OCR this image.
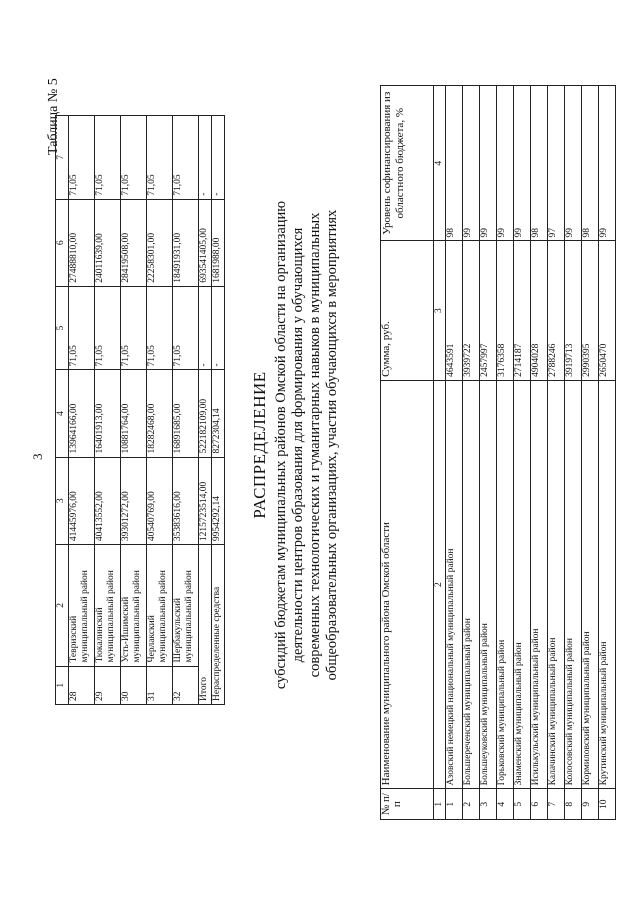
3
Таблица № 5
1	2	3	4	5	6	7
28	Тевризский муниципальный район	41445976,00	13964166,00	71,05	27488810,00	71,05
29	Тюкалинский муниципальный район	40413552,00	16401913,00	71,05	24011639,00	71,05
30	Усть-Ишимский муниципальный район	39301272,00	10881764,00	71,05	28419508,00	71,05
31	Черлакский муниципальный район	40540769,00	18282468,00	71,05	22258301,00	71,05
32	Шербакульский муниципальный район	35383616,00	16891685,00	71,05	18491931,00	71,05
Итого		1215723514,00	522182109,00	-	693541405,00	-
Нераспределенные средства		9954292,14	8272304,14	-	1681988,00	-
РАСПРЕДЕЛЕНИЕ субсидий бюджетам муниципальных районов Омской области на организацию деятельности центров образования для формирования у обучающихся современных технологических и гуманитарных навыков в муниципальных общеобразовательных организациях, участия обучающихся в мероприятиях
№ п/п	Наименование муниципального района Омской области	Сумма, руб.	Уровень софинансирования из областного бюджета, %
1	2	3	4
1	Азовский немецкий национальный муниципальный район	4643591	98
2	Большереченский муниципальный район	3939722	99
3	Большеуковский муниципальный район	2457997	99
4	Горьковский муниципальный район	3176358	99
5	Знаменский муниципальный район	2714187	99
6	Исилькульский муниципальный район	4904028	98
7	Калачинский муниципальный район	2788246	97
8	Колосовский муниципальный район	3919713	99
9	Кормиловский муниципальный район	2990395	98
10	Крутинский муниципальный район	2650470	99
